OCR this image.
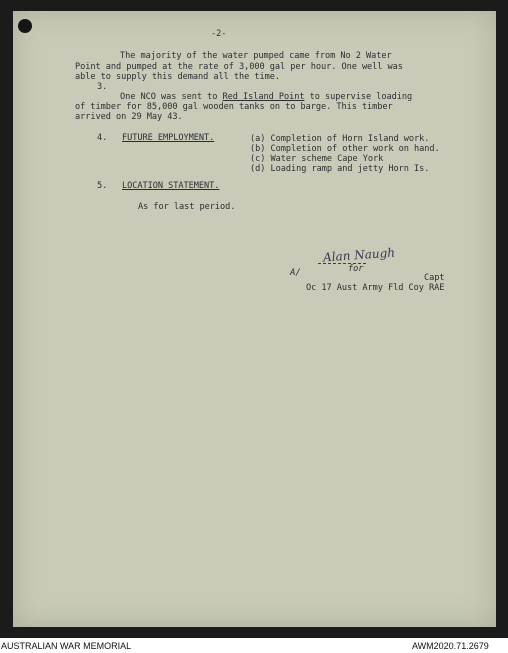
-2-
The majority of the water pumped came from No 2 Water
Point and pumped at the rate of 3,000 gal per hour. One well was
able to supply this demand all the time.
3.
One NCO was sent to Red Island Point to supervise loading
of timber for 85,000 gal wooden tanks on to barge. This timber
arrived on 29 May 43.
4. FUTURE EMPLOYMENT.	(a) Completion of Horn Island work.
(b) Completion of other work on hand.
(c) Water scheme Cape York
(d) Loading ramp and jetty Horn Is.
5. LOCATION STATEMENT.
As for last period.
Alan Naugh
for
Capt
A/
Oc 17 Aust Army Fld Coy RAE
AUSTRALIAN WAR MEMORIAL	AWM2020.71.2679
